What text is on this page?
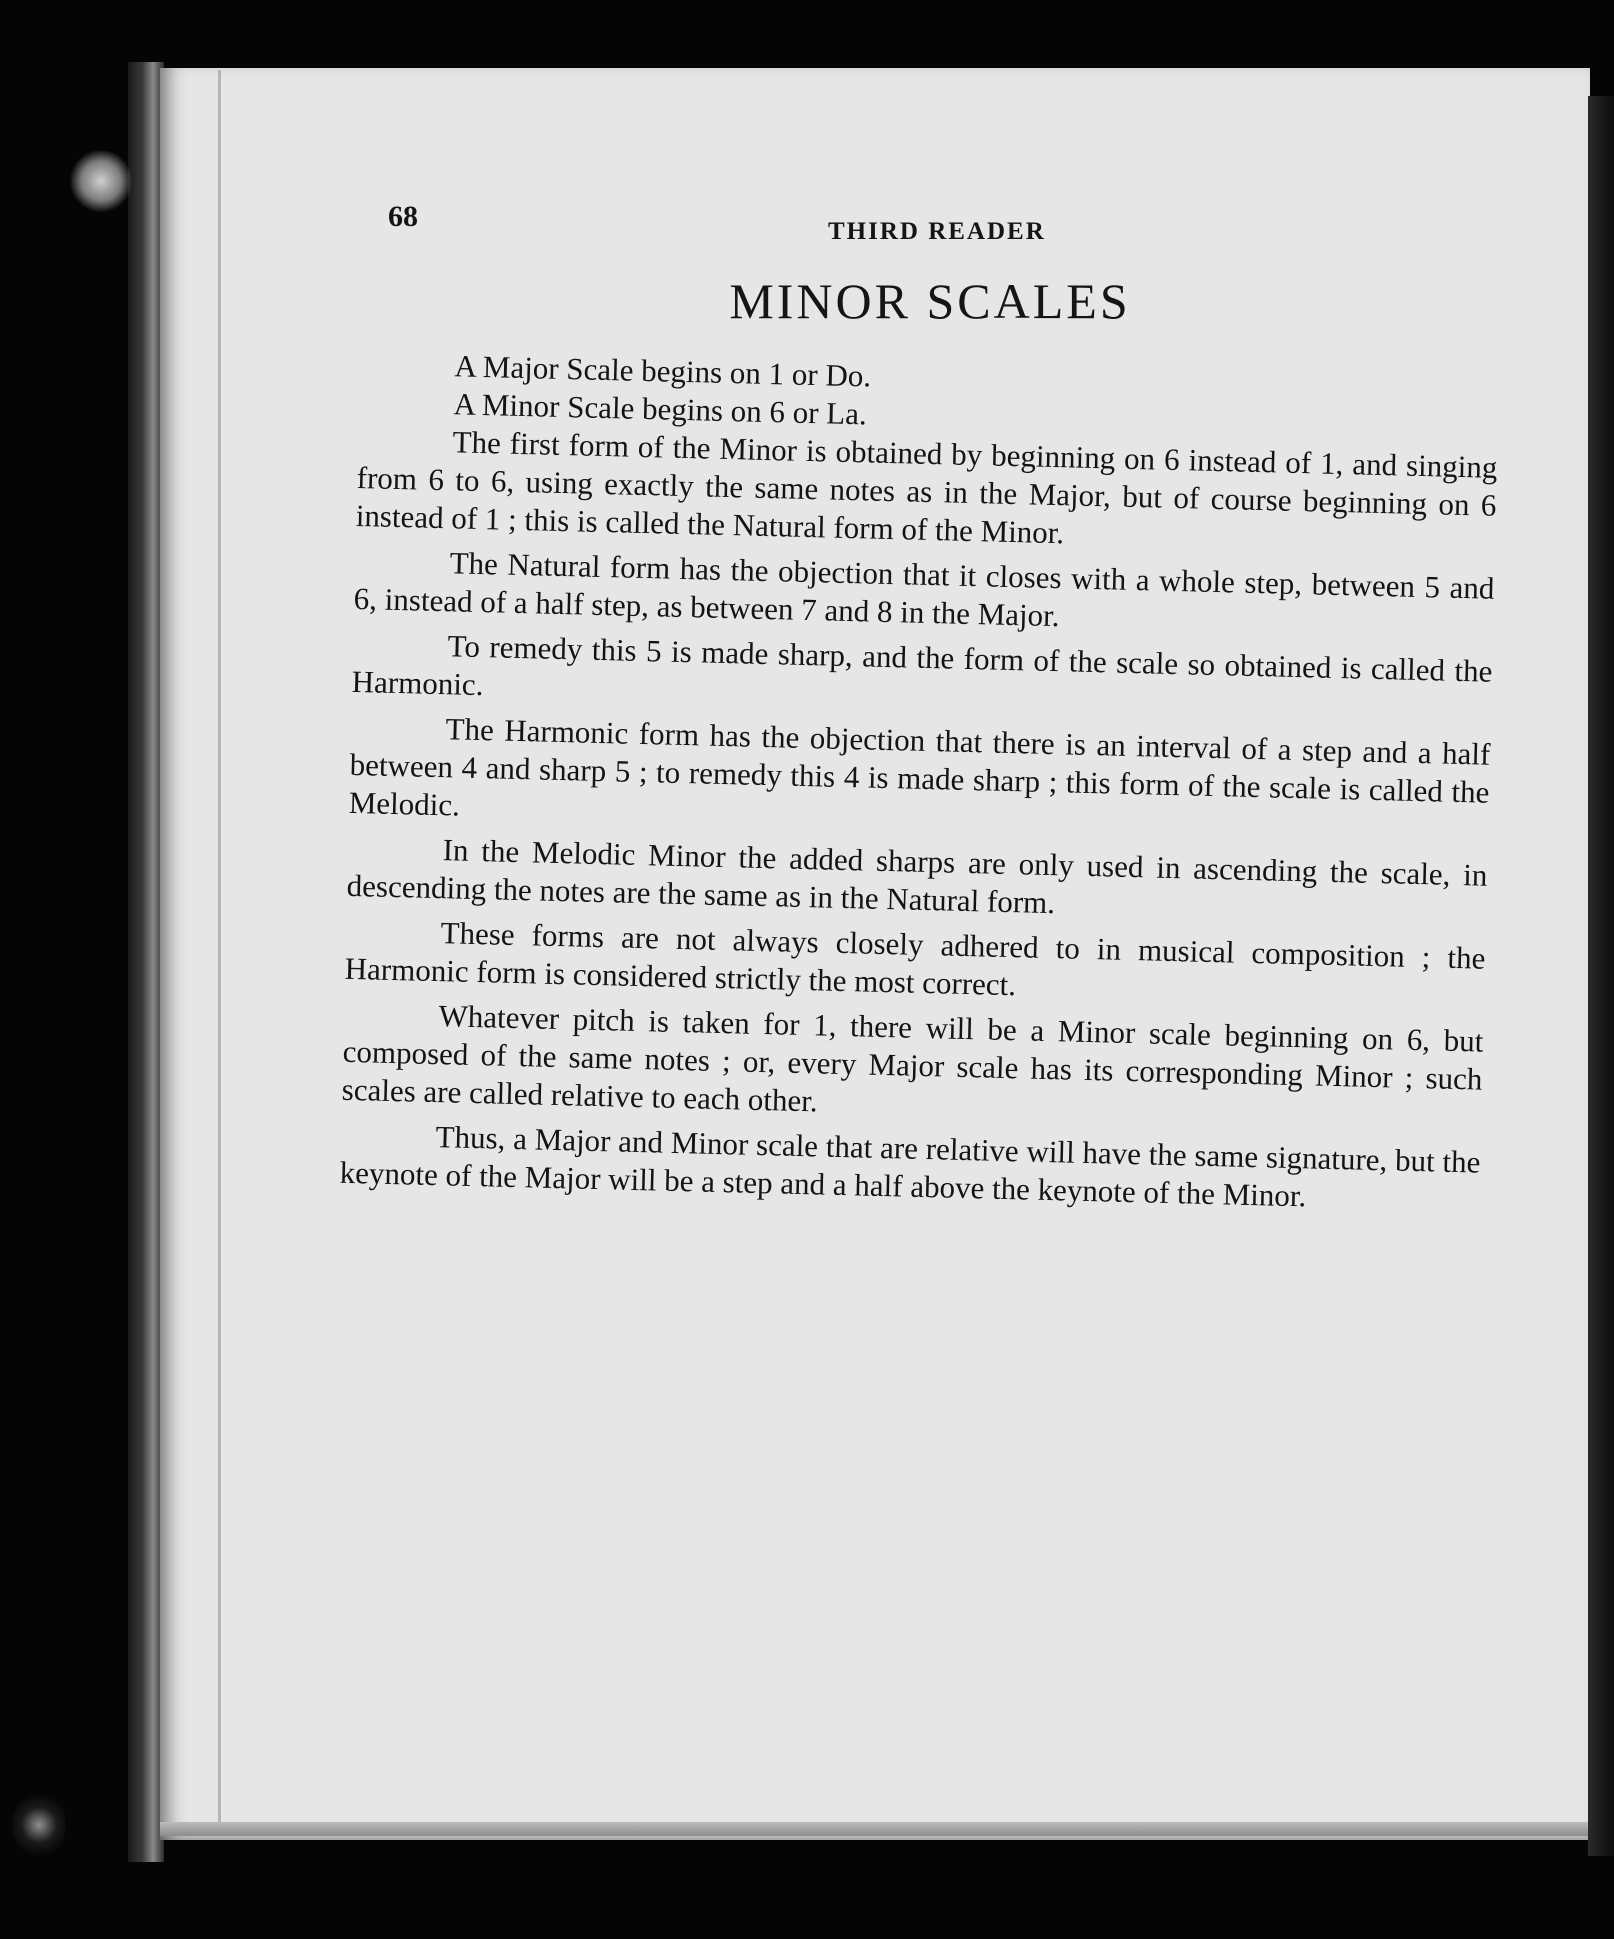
68	THIRD READER
MINOR SCALES

A Major Scale begins on 1 or Do.

A Minor Scale begins on 6 or La.

The first form of the Minor is obtained by beginning on 6 instead of 1, and singing from 6 to 6, using exactly the same notes as in the Major, but of course beginning on 6 instead of 1 ; this is called the Natural form of the Minor.

The Natural form has the objection that it closes with a whole step, between 5 and 6, instead of a half step, as between 7 and 8 in the Major.

To remedy this 5 is made sharp, and the form of the scale so obtained is called the Harmonic.

The Harmonic form has the objection that there is an interval of a step and a half between 4 and sharp 5 ; to remedy this 4 is made sharp ; this form of the scale is called the Melodic.

In the Melodic Minor the added sharps are only used in ascending the scale, in descending the notes are the same as in the Natural form.

These forms are not always closely adhered to in musical composition ; the Harmonic form is considered strictly the most correct.

Whatever pitch is taken for 1, there will be a Minor scale beginning on 6, but composed of the same notes ; or, every Major scale has its corresponding Minor ; such scales are called relative to each other.

Thus, a Major and Minor scale that are relative will have the same signature, but the keynote of the Major will be a step and a half above the keynote of the Minor.
